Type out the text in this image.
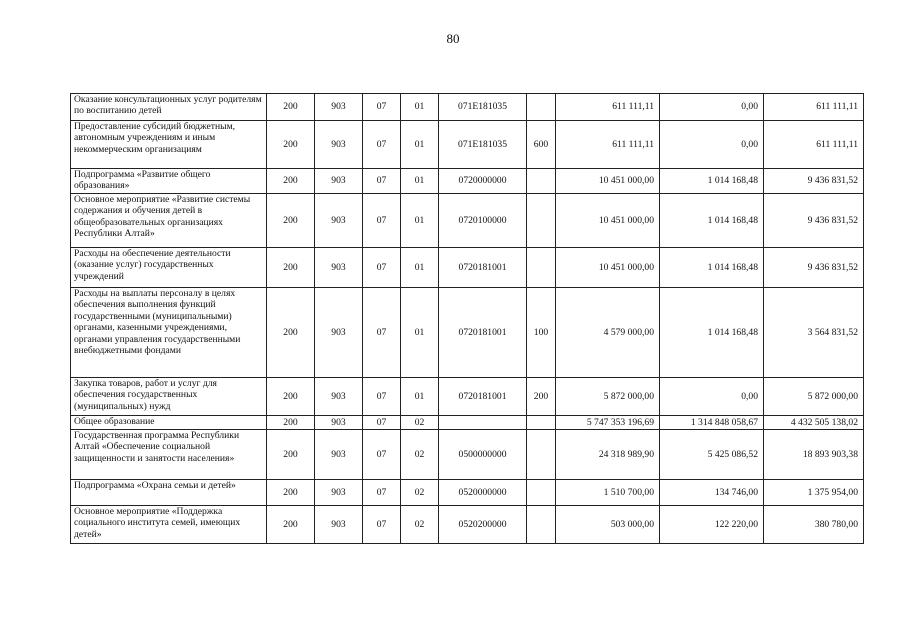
80
Оказание консультационных услуг родителям по воспитанию детей	200	903	07	01	071E181035		611 111,11	0,00	611 111,11
Предоставление субсидий бюджетным, автономным учреждениям и иным некоммерческим организациям	200	903	07	01	071E181035	600	611 111,11	0,00	611 111,11
Подпрограмма «Развитие общего образования»	200	903	07	01	0720000000		10 451 000,00	1 014 168,48	9 436 831,52
Основное мероприятие «Развитие системы содержания и обучения детей в общеобразовательных организациях Республики Алтай»	200	903	07	01	0720100000		10 451 000,00	1 014 168,48	9 436 831,52
Расходы на обеспечение деятельности (оказание услуг) государственных учреждений	200	903	07	01	0720181001		10 451 000,00	1 014 168,48	9 436 831,52
Расходы на выплаты персоналу в целях обеспечения выполнения функций государственными (муниципальными) органами, казенными учреждениями, органами управления государственными внебюджетными фондами	200	903	07	01	0720181001	100	4 579 000,00	1 014 168,48	3 564 831,52
Закупка товаров, работ и услуг для обеспечения государственных (муниципальных) нужд	200	903	07	01	0720181001	200	5 872 000,00	0,00	5 872 000,00
Общее образование	200	903	07	02			5 747 353 196,69	1 314 848 058,67	4 432 505 138,02
Государственная программа Республики Алтай «Обеспечение социальной защищенности и занятости населения»	200	903	07	02	0500000000		24 318 989,90	5 425 086,52	18 893 903,38
Подпрограмма «Охрана семьи и детей»	200	903	07	02	0520000000		1 510 700,00	134 746,00	1 375 954,00
Основное мероприятие «Поддержка социального института семей, имеющих детей»	200	903	07	02	0520200000		503 000,00	122 220,00	380 780,00
